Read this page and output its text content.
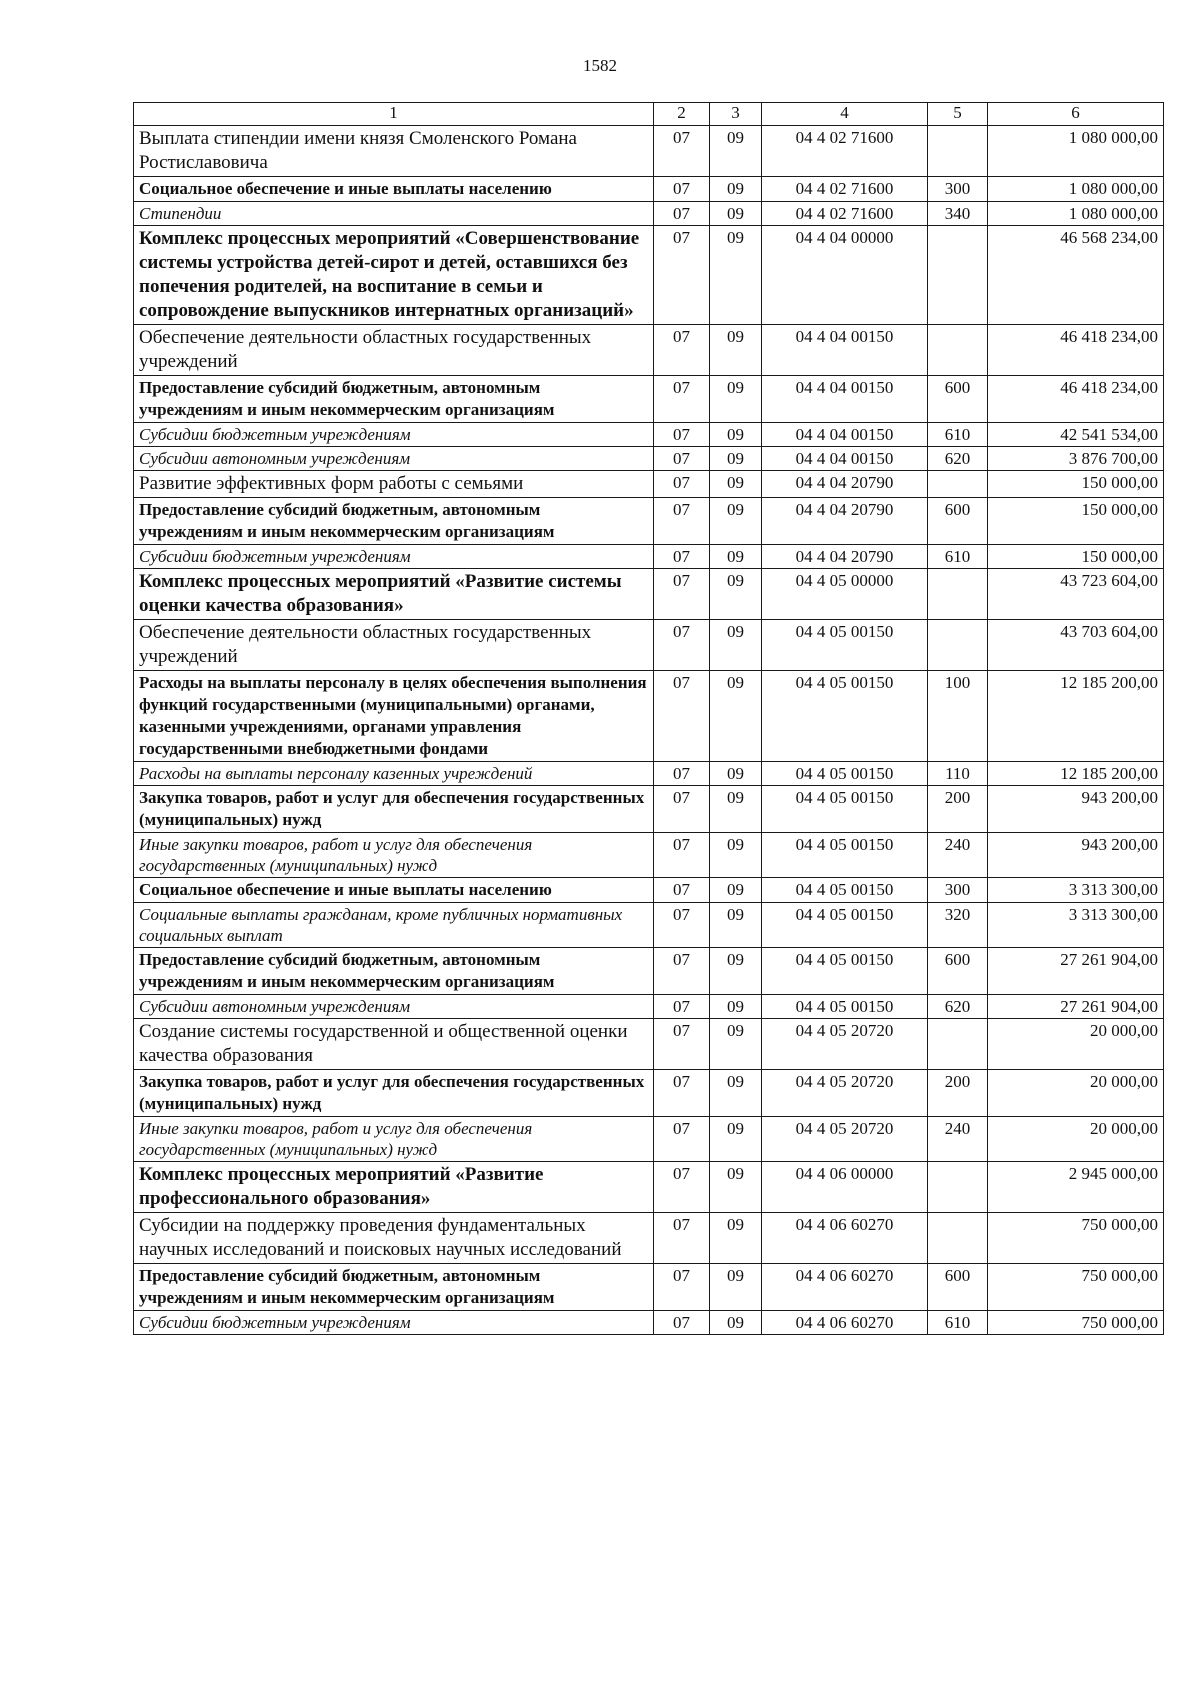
1582
1	2	3	4	5	6
Выплата стипендии имени князя Смоленского Романа Ростиславовича	07	09	04 4 02 71600		1 080 000,00
Социальное обеспечение и иные выплаты населению	07	09	04 4 02 71600	300	1 080 000,00
Стипендии	07	09	04 4 02 71600	340	1 080 000,00
Комплекс процессных мероприятий «Совершенствование системы устройства детей-сирот и детей, оставшихся без попечения родителей, на воспитание в семьи и сопровождение выпускников интернатных организаций»	07	09	04 4 04 00000		46 568 234,00
Обеспечение деятельности областных государственных учреждений	07	09	04 4 04 00150		46 418 234,00
Предоставление субсидий бюджетным, автономным учреждениям и иным некоммерческим организациям	07	09	04 4 04 00150	600	46 418 234,00
Субсидии бюджетным учреждениям	07	09	04 4 04 00150	610	42 541 534,00
Субсидии автономным учреждениям	07	09	04 4 04 00150	620	3 876 700,00
Развитие эффективных форм работы с семьями	07	09	04 4 04 20790		150 000,00
Предоставление субсидий бюджетным, автономным учреждениям и иным некоммерческим организациям	07	09	04 4 04 20790	600	150 000,00
Субсидии бюджетным учреждениям	07	09	04 4 04 20790	610	150 000,00
Комплекс процессных мероприятий «Развитие системы оценки качества образования»	07	09	04 4 05 00000		43 723 604,00
Обеспечение деятельности областных государственных учреждений	07	09	04 4 05 00150		43 703 604,00
Расходы на выплаты персоналу в целях обеспечения выполнения функций государственными (муниципальными) органами, казенными учреждениями, органами управления государственными внебюджетными фондами	07	09	04 4 05 00150	100	12 185 200,00
Расходы на выплаты персоналу казенных учреждений	07	09	04 4 05 00150	110	12 185 200,00
Закупка товаров, работ и услуг для обеспечения государственных (муниципальных) нужд	07	09	04 4 05 00150	200	943 200,00
Иные закупки товаров, работ и услуг для обеспечения государственных (муниципальных) нужд	07	09	04 4 05 00150	240	943 200,00
Социальное обеспечение и иные выплаты населению	07	09	04 4 05 00150	300	3 313 300,00
Социальные выплаты гражданам, кроме публичных нормативных социальных выплат	07	09	04 4 05 00150	320	3 313 300,00
Предоставление субсидий бюджетным, автономным учреждениям и иным некоммерческим организациям	07	09	04 4 05 00150	600	27 261 904,00
Субсидии автономным учреждениям	07	09	04 4 05 00150	620	27 261 904,00
Создание системы государственной и общественной оценки качества образования	07	09	04 4 05 20720		20 000,00
Закупка товаров, работ и услуг для обеспечения государственных (муниципальных) нужд	07	09	04 4 05 20720	200	20 000,00
Иные закупки товаров, работ и услуг для обеспечения государственных (муниципальных) нужд	07	09	04 4 05 20720	240	20 000,00
Комплекс процессных мероприятий «Развитие профессионального образования»	07	09	04 4 06 00000		2 945 000,00
Субсидии на поддержку проведения фундаментальных научных исследований и поисковых научных исследований	07	09	04 4 06 60270		750 000,00
Предоставление субсидий бюджетным, автономным учреждениям и иным некоммерческим организациям	07	09	04 4 06 60270	600	750 000,00
Субсидии бюджетным учреждениям	07	09	04 4 06 60270	610	750 000,00
